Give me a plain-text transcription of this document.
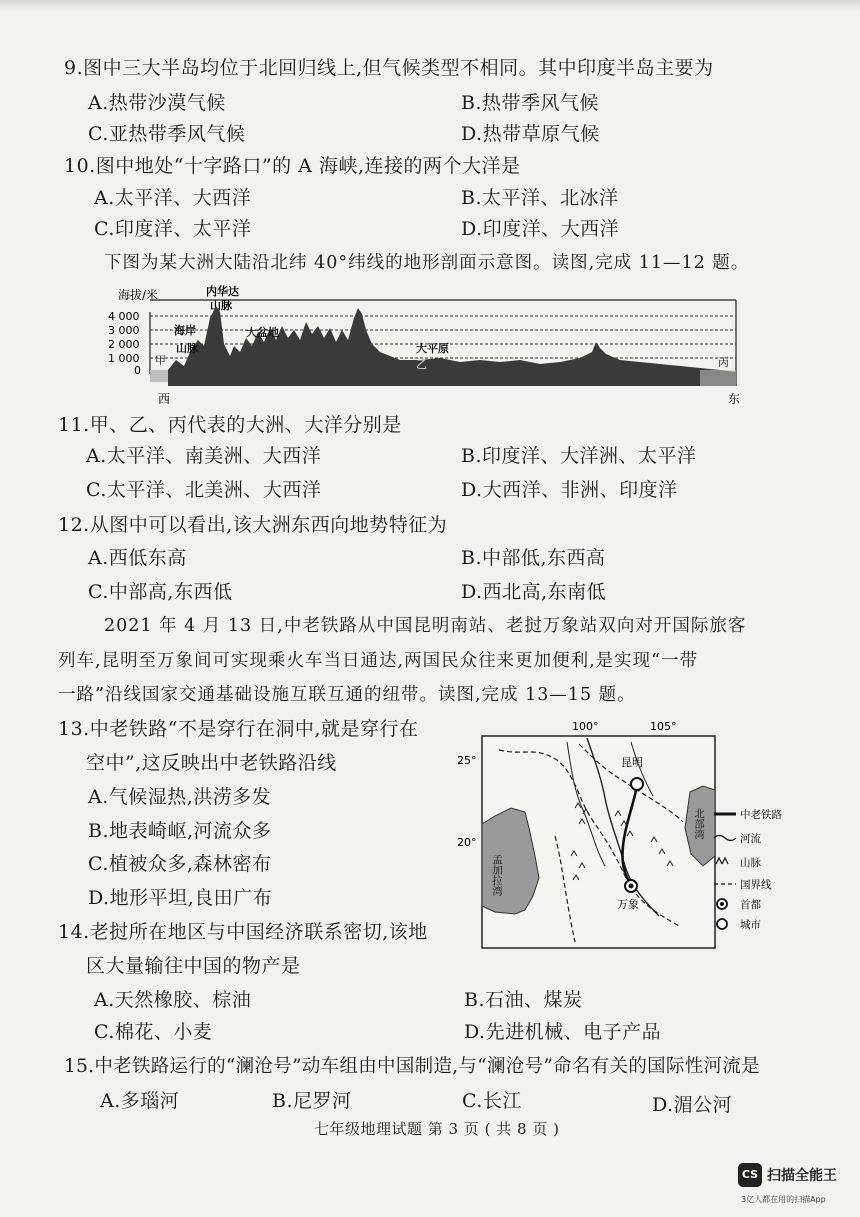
9.图中三大半岛均位于北回归线上,但气候类型不相同。其中印度半岛主要为
A.热带沙漠气候	B.热带季风气候
C.亚热带季风气候	D.热带草原气候
10.图中地处“十字路口”的 A 海峡,连接的两个大洋是
A.太平洋、大西洋	B.太平洋、北冰洋
C.印度洋、太平洋	D.印度洋、大西洋
下图为某大洲大陆沿北纬 40°纬线的地形剖面示意图。读图,完成 11—12 题。
海拔/米	内华达
山脉
4 000
3 000
2 000
1 000
0
海岸
山脉
大盆地
大平原
甲	乙	丙
西	东
11.甲、乙、丙代表的大洲、大洋分别是
A.太平洋、南美洲、大西洋	B.印度洋、大洋洲、太平洋
C.太平洋、北美洲、大西洋	D.大西洋、非洲、印度洋
12.从图中可以看出,该大洲东西向地势特征为
A.西低东高	B.中部低,东西高
C.中部高,东西低	D.西北高,东南低
2021 年 4 月 13 日,中老铁路从中国昆明南站、老挝万象站双向对开国际旅客
列车,昆明至万象间可实现乘火车当日通达,两国民众往来更加便利,是实现“一带
一路”沿线国家交通基础设施互联互通的纽带。读图,完成 13—15 题。
13.中老铁路“不是穿行在洞中,就是穿行在
空中”,这反映出中老铁路沿线
A.气候湿热,洪涝多发
B.地表崎岖,河流众多
C.植被众多,森林密布
D.地形平坦,良田广布
100°	105°
25°
20°
孟加拉湾
北部湾
昆明
万象
中老铁路
河流
山脉
国界线
首都
城市
14.老挝所在地区与中国经济联系密切,该地
区大量输往中国的物产是
A.天然橡胶、棕油	B.石油、煤炭
C.棉花、小麦	D.先进机械、电子产品
15.中老铁路运行的“澜沧号”动车组由中国制造,与“澜沧号”命名有关的国际性河流是
A.多瑙河	B.尼罗河	C.长江	D.湄公河
七年级地理试题 第 3 页 ( 共 8 页 )
CS 扫描全能王
3亿人都在用的扫描App
